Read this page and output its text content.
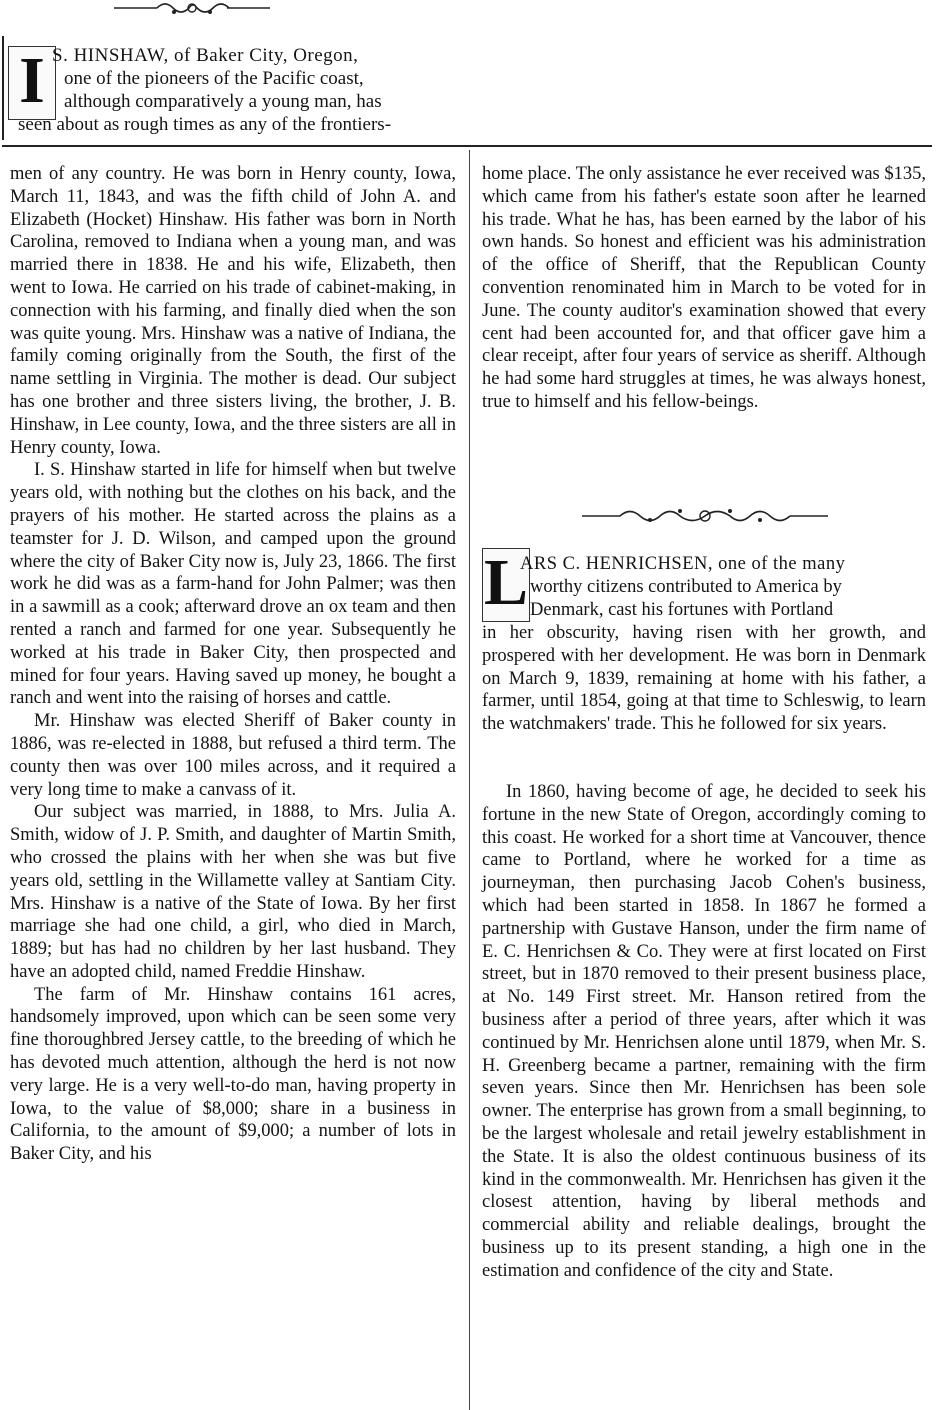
I S. HINSHAW, of Baker City, Oregon,
one of the pioneers of the Pacific coast,
although comparatively a young man, has
seen about as rough times as any of the frontiers-

men of any country. He was born in Henry county, Iowa, March 11, 1843, and was the fifth child of John A. and Elizabeth (Hocket) Hinshaw. His father was born in North Carolina, removed to Indiana when a young man, and was married there in 1838. He and his wife, Elizabeth, then went to Iowa. He carried on his trade of cabinet-making, in connection with his farming, and finally died when the son was quite young. Mrs. Hinshaw was a native of Indiana, the family coming originally from the South, the first of the name settling in Virginia. The mother is dead. Our subject has one brother and three sisters living, the brother, J. B. Hinshaw, in Lee county, Iowa, and the three sisters are all in Henry county, Iowa.

I. S. Hinshaw started in life for himself when but twelve years old, with nothing but the clothes on his back, and the prayers of his mother. He started across the plains as a teamster for J. D. Wilson, and camped upon the ground where the city of Baker City now is, July 23, 1866. The first work he did was as a farm-hand for John Palmer; was then in a sawmill as a cook; afterward drove an ox team and then rented a ranch and farmed for one year. Subsequently he worked at his trade in Baker City, then prospected and mined for four years. Having saved up money, he bought a ranch and went into the raising of horses and cattle.

Mr. Hinshaw was elected Sheriff of Baker county in 1886, was re-elected in 1888, but refused a third term. The county then was over 100 miles across, and it required a very long time to make a canvass of it.

Our subject was married, in 1888, to Mrs. Julia A. Smith, widow of J. P. Smith, and daughter of Martin Smith, who crossed the plains with her when she was but five years old, settling in the Willamette valley at Santiam City. Mrs. Hinshaw is a native of the State of Iowa. By her first marriage she had one child, a girl, who died in March, 1889; but has had no children by her last husband. They have an adopted child, named Freddie Hinshaw.

The farm of Mr. Hinshaw contains 161 acres, handsomely improved, upon which can be seen some very fine thoroughbred Jersey cattle, to the breeding of which he has devoted much attention, although the herd is not now very large. He is a very well-to-do man, having property in Iowa, to the value of $8,000; share in a business in California, to the amount of $9,000; a number of lots in Baker City, and his

home place. The only assistance he ever received was $135, which came from his father's estate soon after he learned his trade. What he has, has been earned by the labor of his own hands. So honest and efficient was his administration of the office of Sheriff, that the Republican County convention renominated him in March to be voted for in June. The county auditor's examination showed that every cent had been accounted for, and that officer gave him a clear receipt, after four years of service as sheriff. Although he had some hard struggles at times, he was always honest, true to himself and his fellow-beings.

L
ARS C. HENRICHSEN, one of the many
worthy citizens contributed to America by
Denmark, cast his fortunes with Portland
in her obscurity, having risen with her growth, and prospered with her development. He was born in Denmark on March 9, 1839, remaining at home with his father, a farmer, until 1854, going at that time to Schleswig, to learn the watchmakers' trade. This he followed for six years.

In 1860, having become of age, he decided to seek his fortune in the new State of Oregon, accordingly coming to this coast. He worked for a short time at Vancouver, thence came to Portland, where he worked for a time as journeyman, then purchasing Jacob Cohen's business, which had been started in 1858. In 1867 he formed a partnership with Gustave Hanson, under the firm name of E. C. Henrichsen & Co. They were at first located on First street, but in 1870 removed to their present business place, at No. 149 First street. Mr. Hanson retired from the business after a period of three years, after which it was continued by Mr. Henrichsen alone until 1879, when Mr. S. H. Greenberg became a partner, remaining with the firm seven years. Since then Mr. Henrichsen has been sole owner. The enterprise has grown from a small beginning, to be the largest wholesale and retail jewelry establishment in the State. It is also the oldest continuous business of its kind in the commonwealth. Mr. Henrichsen has given it the closest attention, having by liberal methods and commercial ability and reliable dealings, brought the business up to its present standing, a high one in the estimation and confidence of the city and State.
